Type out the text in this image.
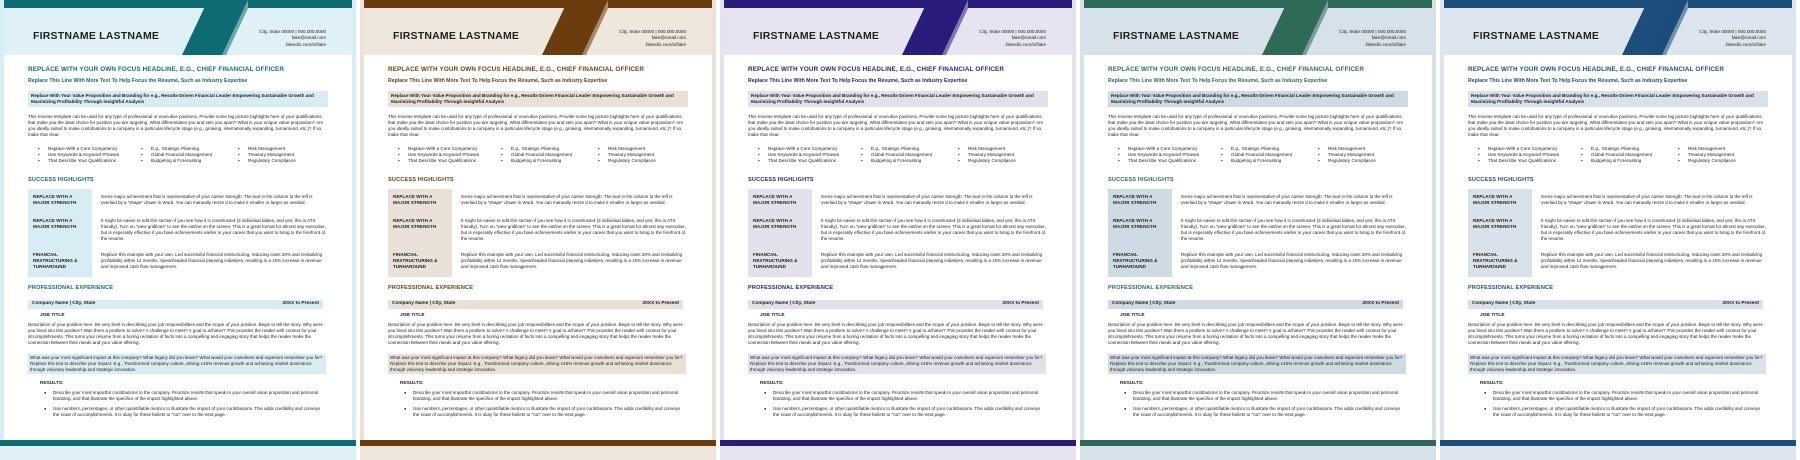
FIRSTNAME LASTNAME	City, State 00000 | 000.000.0000
fake@email.com
linkedin.com/in/fake
REPLACE WITH YOUR OWN FOCUS HEADLINE, E.G., CHIEF FINANCIAL OFFICER
Replace This Line With More Text To Help Focus the Résumé, Such as Industry Expertise
Replace With Your Value Proposition and Branding for e.g., Results-Driven Financial Leader Empowering Sustainable Growth and Maximizing Profitability Through Insightful Analysis
This resume template can be used for any type of professional or executive positions. Provide some big picture highlights here of your qualifications that make you the ideal choice for position you are targeting. What differentiates you and sets you apart? What is your unique value proposition? Are you ideally suited to make contributions to a company in a particular lifecycle stage (e.g., growing, internationally expanding, turnaround, etc.)? If so, make that clear.
▪ Replace With a Core Competency	▪ E.g., Strategic Planning	▪ Risk Management
▪ Use Keywords & Keyword Phrases	▪ Global Financial Management	▪ Treasury Management
▪ That Describe Your Qualifications	▪ Budgeting & Forecasting	▪ Regulatory Compliance
SUCCESS HIGHLIGHTS
REPLACE WITH A MAJOR STRENGTH
Some major achievement that is representative of your career strength. The text in the column to the left is overlaid by a “shape” drawn in Word. You can manually resize it to make it smaller or larger as needed.
REPLACE WITH A MAJOR STRENGTH
It might be easier to edit this section if you see how it is constructed (3 individual tables, and yes, this is ATS friendly). Turn on “view gridlines” to see the outline on the screen. This is a great format for almost any executive, but is especially effective if you have achievements earlier in your career that you want to bring to the forefront of the resume.
FINANCIAL RESTRUCTURING & TURNAROUND
Replace this example with your own. Led successful financial restructuring, reducing costs 20% and revitalizing profitability within 12 months. Spearheaded financial planning initiatives, resulting in a 15% increase in revenue and improved cash flow management.
PROFESSIONAL EXPERIENCE
Company Name | City, State	20XX to Present
JOB TITLE
Description of your position here. Be very brief in describing your job responsibilities and the scope of your position. Begin to tell the story. Why were you hired into this position? Was there a problem to solve? A challenge to meet? A goal to achieve? This provides the reader with context for your accomplishments. This turns your resume from a boring recitation of facts into a compelling and engaging story that helps the reader make the connection between their needs and your value offering.
What was your most significant impact at this company? What legacy did you leave? What would your coworkers and superiors remember you for? Replace this text to describe your impact. E.g., Transformed company culture, driving 145% revenue growth and achieving market dominance through visionary leadership and strategic innovation.
RESULTS:
● Describe your most impactful contributions to the company. Prioritize results that speak to your overall value proposition and personal branding, and that illustrate the specifics of the impact highlighted above.
● Use numbers, percentages, or other quantifiable metrics to illustrate the impact of your contributions. This adds credibility and conveys the scale of accomplishments. It is okay for these bullets to “run” over to the next page.
FIRSTNAME LASTNAME	City, State 00000 | 000.000.0000
fake@email.com
linkedin.com/in/fake
REPLACE WITH YOUR OWN FOCUS HEADLINE, E.G., CHIEF FINANCIAL OFFICER
Replace This Line With More Text To Help Focus the Résumé, Such as Industry Expertise
Replace With Your Value Proposition and Branding for e.g., Results-Driven Financial Leader Empowering Sustainable Growth and Maximizing Profitability Through Insightful Analysis
This resume template can be used for any type of professional or executive positions. Provide some big picture highlights here of your qualifications that make you the ideal choice for position you are targeting. What differentiates you and sets you apart? What is your unique value proposition? Are you ideally suited to make contributions to a company in a particular lifecycle stage (e.g., growing, internationally expanding, turnaround, etc.)? If so, make that clear.
▪ Replace With a Core Competency	▪ E.g., Strategic Planning	▪ Risk Management
▪ Use Keywords & Keyword Phrases	▪ Global Financial Management	▪ Treasury Management
▪ That Describe Your Qualifications	▪ Budgeting & Forecasting	▪ Regulatory Compliance
SUCCESS HIGHLIGHTS
REPLACE WITH A MAJOR STRENGTH
Some major achievement that is representative of your career strength. The text in the column to the left is overlaid by a “shape” drawn in Word. You can manually resize it to make it smaller or larger as needed.
REPLACE WITH A MAJOR STRENGTH
It might be easier to edit this section if you see how it is constructed (3 individual tables, and yes, this is ATS friendly). Turn on “view gridlines” to see the outline on the screen. This is a great format for almost any executive, but is especially effective if you have achievements earlier in your career that you want to bring to the forefront of the resume.
FINANCIAL RESTRUCTURING & TURNAROUND
Replace this example with your own. Led successful financial restructuring, reducing costs 20% and revitalizing profitability within 12 months. Spearheaded financial planning initiatives, resulting in a 15% increase in revenue and improved cash flow management.
PROFESSIONAL EXPERIENCE
Company Name | City, State	20XX to Present
JOB TITLE
Description of your position here. Be very brief in describing your job responsibilities and the scope of your position. Begin to tell the story. Why were you hired into this position? Was there a problem to solve? A challenge to meet? A goal to achieve? This provides the reader with context for your accomplishments. This turns your resume from a boring recitation of facts into a compelling and engaging story that helps the reader make the connection between their needs and your value offering.
What was your most significant impact at this company? What legacy did you leave? What would your coworkers and superiors remember you for? Replace this text to describe your impact. E.g., Transformed company culture, driving 145% revenue growth and achieving market dominance through visionary leadership and strategic innovation.
RESULTS:
● Describe your most impactful contributions to the company. Prioritize results that speak to your overall value proposition and personal branding, and that illustrate the specifics of the impact highlighted above.
● Use numbers, percentages, or other quantifiable metrics to illustrate the impact of your contributions. This adds credibility and conveys the scale of accomplishments. It is okay for these bullets to “run” over to the next page.
FIRSTNAME LASTNAME	City, State 00000 | 000.000.0000
fake@email.com
linkedin.com/in/fake
REPLACE WITH YOUR OWN FOCUS HEADLINE, E.G., CHIEF FINANCIAL OFFICER
Replace This Line With More Text To Help Focus the Résumé, Such as Industry Expertise
Replace With Your Value Proposition and Branding for e.g., Results-Driven Financial Leader Empowering Sustainable Growth and Maximizing Profitability Through Insightful Analysis
This resume template can be used for any type of professional or executive positions. Provide some big picture highlights here of your qualifications that make you the ideal choice for position you are targeting. What differentiates you and sets you apart? What is your unique value proposition? Are you ideally suited to make contributions to a company in a particular lifecycle stage (e.g., growing, internationally expanding, turnaround, etc.)? If so, make that clear.
▪ Replace With a Core Competency	▪ E.g., Strategic Planning	▪ Risk Management
▪ Use Keywords & Keyword Phrases	▪ Global Financial Management	▪ Treasury Management
▪ That Describe Your Qualifications	▪ Budgeting & Forecasting	▪ Regulatory Compliance
SUCCESS HIGHLIGHTS
REPLACE WITH A MAJOR STRENGTH
Some major achievement that is representative of your career strength. The text in the column to the left is overlaid by a “shape” drawn in Word. You can manually resize it to make it smaller or larger as needed.
REPLACE WITH A MAJOR STRENGTH
It might be easier to edit this section if you see how it is constructed (3 individual tables, and yes, this is ATS friendly). Turn on “view gridlines” to see the outline on the screen. This is a great format for almost any executive, but is especially effective if you have achievements earlier in your career that you want to bring to the forefront of the resume.
FINANCIAL RESTRUCTURING & TURNAROUND
Replace this example with your own. Led successful financial restructuring, reducing costs 20% and revitalizing profitability within 12 months. Spearheaded financial planning initiatives, resulting in a 15% increase in revenue and improved cash flow management.
PROFESSIONAL EXPERIENCE
Company Name | City, State	20XX to Present
JOB TITLE
Description of your position here. Be very brief in describing your job responsibilities and the scope of your position. Begin to tell the story. Why were you hired into this position? Was there a problem to solve? A challenge to meet? A goal to achieve? This provides the reader with context for your accomplishments. This turns your resume from a boring recitation of facts into a compelling and engaging story that helps the reader make the connection between their needs and your value offering.
What was your most significant impact at this company? What legacy did you leave? What would your coworkers and superiors remember you for? Replace this text to describe your impact. E.g., Transformed company culture, driving 145% revenue growth and achieving market dominance through visionary leadership and strategic innovation.
RESULTS:
● Describe your most impactful contributions to the company. Prioritize results that speak to your overall value proposition and personal branding, and that illustrate the specifics of the impact highlighted above.
● Use numbers, percentages, or other quantifiable metrics to illustrate the impact of your contributions. This adds credibility and conveys the scale of accomplishments. It is okay for these bullets to “run” over to the next page.
FIRSTNAME LASTNAME	City, State 00000 | 000.000.0000
fake@email.com
linkedin.com/in/fake
REPLACE WITH YOUR OWN FOCUS HEADLINE, E.G., CHIEF FINANCIAL OFFICER
Replace This Line With More Text To Help Focus the Résumé, Such as Industry Expertise
Replace With Your Value Proposition and Branding for e.g., Results-Driven Financial Leader Empowering Sustainable Growth and Maximizing Profitability Through Insightful Analysis
This resume template can be used for any type of professional or executive positions. Provide some big picture highlights here of your qualifications that make you the ideal choice for position you are targeting. What differentiates you and sets you apart? What is your unique value proposition? Are you ideally suited to make contributions to a company in a particular lifecycle stage (e.g., growing, internationally expanding, turnaround, etc.)? If so, make that clear.
▪ Replace With a Core Competency	▪ E.g., Strategic Planning	▪ Risk Management
▪ Use Keywords & Keyword Phrases	▪ Global Financial Management	▪ Treasury Management
▪ That Describe Your Qualifications	▪ Budgeting & Forecasting	▪ Regulatory Compliance
SUCCESS HIGHLIGHTS
REPLACE WITH A MAJOR STRENGTH
Some major achievement that is representative of your career strength. The text in the column to the left is overlaid by a “shape” drawn in Word. You can manually resize it to make it smaller or larger as needed.
REPLACE WITH A MAJOR STRENGTH
It might be easier to edit this section if you see how it is constructed (3 individual tables, and yes, this is ATS friendly). Turn on “view gridlines” to see the outline on the screen. This is a great format for almost any executive, but is especially effective if you have achievements earlier in your career that you want to bring to the forefront of the resume.
FINANCIAL RESTRUCTURING & TURNAROUND
Replace this example with your own. Led successful financial restructuring, reducing costs 20% and revitalizing profitability within 12 months. Spearheaded financial planning initiatives, resulting in a 15% increase in revenue and improved cash flow management.
PROFESSIONAL EXPERIENCE
Company Name | City, State	20XX to Present
JOB TITLE
Description of your position here. Be very brief in describing your job responsibilities and the scope of your position. Begin to tell the story. Why were you hired into this position? Was there a problem to solve? A challenge to meet? A goal to achieve? This provides the reader with context for your accomplishments. This turns your resume from a boring recitation of facts into a compelling and engaging story that helps the reader make the connection between their needs and your value offering.
What was your most significant impact at this company? What legacy did you leave? What would your coworkers and superiors remember you for? Replace this text to describe your impact. E.g., Transformed company culture, driving 145% revenue growth and achieving market dominance through visionary leadership and strategic innovation.
RESULTS:
● Describe your most impactful contributions to the company. Prioritize results that speak to your overall value proposition and personal branding, and that illustrate the specifics of the impact highlighted above.
● Use numbers, percentages, or other quantifiable metrics to illustrate the impact of your contributions. This adds credibility and conveys the scale of accomplishments. It is okay for these bullets to “run” over to the next page.
FIRSTNAME LASTNAME	City, State 00000 | 000.000.0000
fake@email.com
linkedin.com/in/fake
REPLACE WITH YOUR OWN FOCUS HEADLINE, E.G., CHIEF FINANCIAL OFFICER
Replace This Line With More Text To Help Focus the Résumé, Such as Industry Expertise
Replace With Your Value Proposition and Branding for e.g., Results-Driven Financial Leader Empowering Sustainable Growth and Maximizing Profitability Through Insightful Analysis
This resume template can be used for any type of professional or executive positions. Provide some big picture highlights here of your qualifications that make you the ideal choice for position you are targeting. What differentiates you and sets you apart? What is your unique value proposition? Are you ideally suited to make contributions to a company in a particular lifecycle stage (e.g., growing, internationally expanding, turnaround, etc.)? If so, make that clear.
▪ Replace With a Core Competency	▪ E.g., Strategic Planning	▪ Risk Management
▪ Use Keywords & Keyword Phrases	▪ Global Financial Management	▪ Treasury Management
▪ That Describe Your Qualifications	▪ Budgeting & Forecasting	▪ Regulatory Compliance
SUCCESS HIGHLIGHTS
REPLACE WITH A MAJOR STRENGTH
Some major achievement that is representative of your career strength. The text in the column to the left is overlaid by a “shape” drawn in Word. You can manually resize it to make it smaller or larger as needed.
REPLACE WITH A MAJOR STRENGTH
It might be easier to edit this section if you see how it is constructed (3 individual tables, and yes, this is ATS friendly). Turn on “view gridlines” to see the outline on the screen. This is a great format for almost any executive, but is especially effective if you have achievements earlier in your career that you want to bring to the forefront of the resume.
FINANCIAL RESTRUCTURING & TURNAROUND
Replace this example with your own. Led successful financial restructuring, reducing costs 20% and revitalizing profitability within 12 months. Spearheaded financial planning initiatives, resulting in a 15% increase in revenue and improved cash flow management.
PROFESSIONAL EXPERIENCE
Company Name | City, State	20XX to Present
JOB TITLE
Description of your position here. Be very brief in describing your job responsibilities and the scope of your position. Begin to tell the story. Why were you hired into this position? Was there a problem to solve? A challenge to meet? A goal to achieve? This provides the reader with context for your accomplishments. This turns your resume from a boring recitation of facts into a compelling and engaging story that helps the reader make the connection between their needs and your value offering.
What was your most significant impact at this company? What legacy did you leave? What would your coworkers and superiors remember you for? Replace this text to describe your impact. E.g., Transformed company culture, driving 145% revenue growth and achieving market dominance through visionary leadership and strategic innovation.
RESULTS:
● Describe your most impactful contributions to the company. Prioritize results that speak to your overall value proposition and personal branding, and that illustrate the specifics of the impact highlighted above.
● Use numbers, percentages, or other quantifiable metrics to illustrate the impact of your contributions. This adds credibility and conveys the scale of accomplishments. It is okay for these bullets to “run” over to the next page.
